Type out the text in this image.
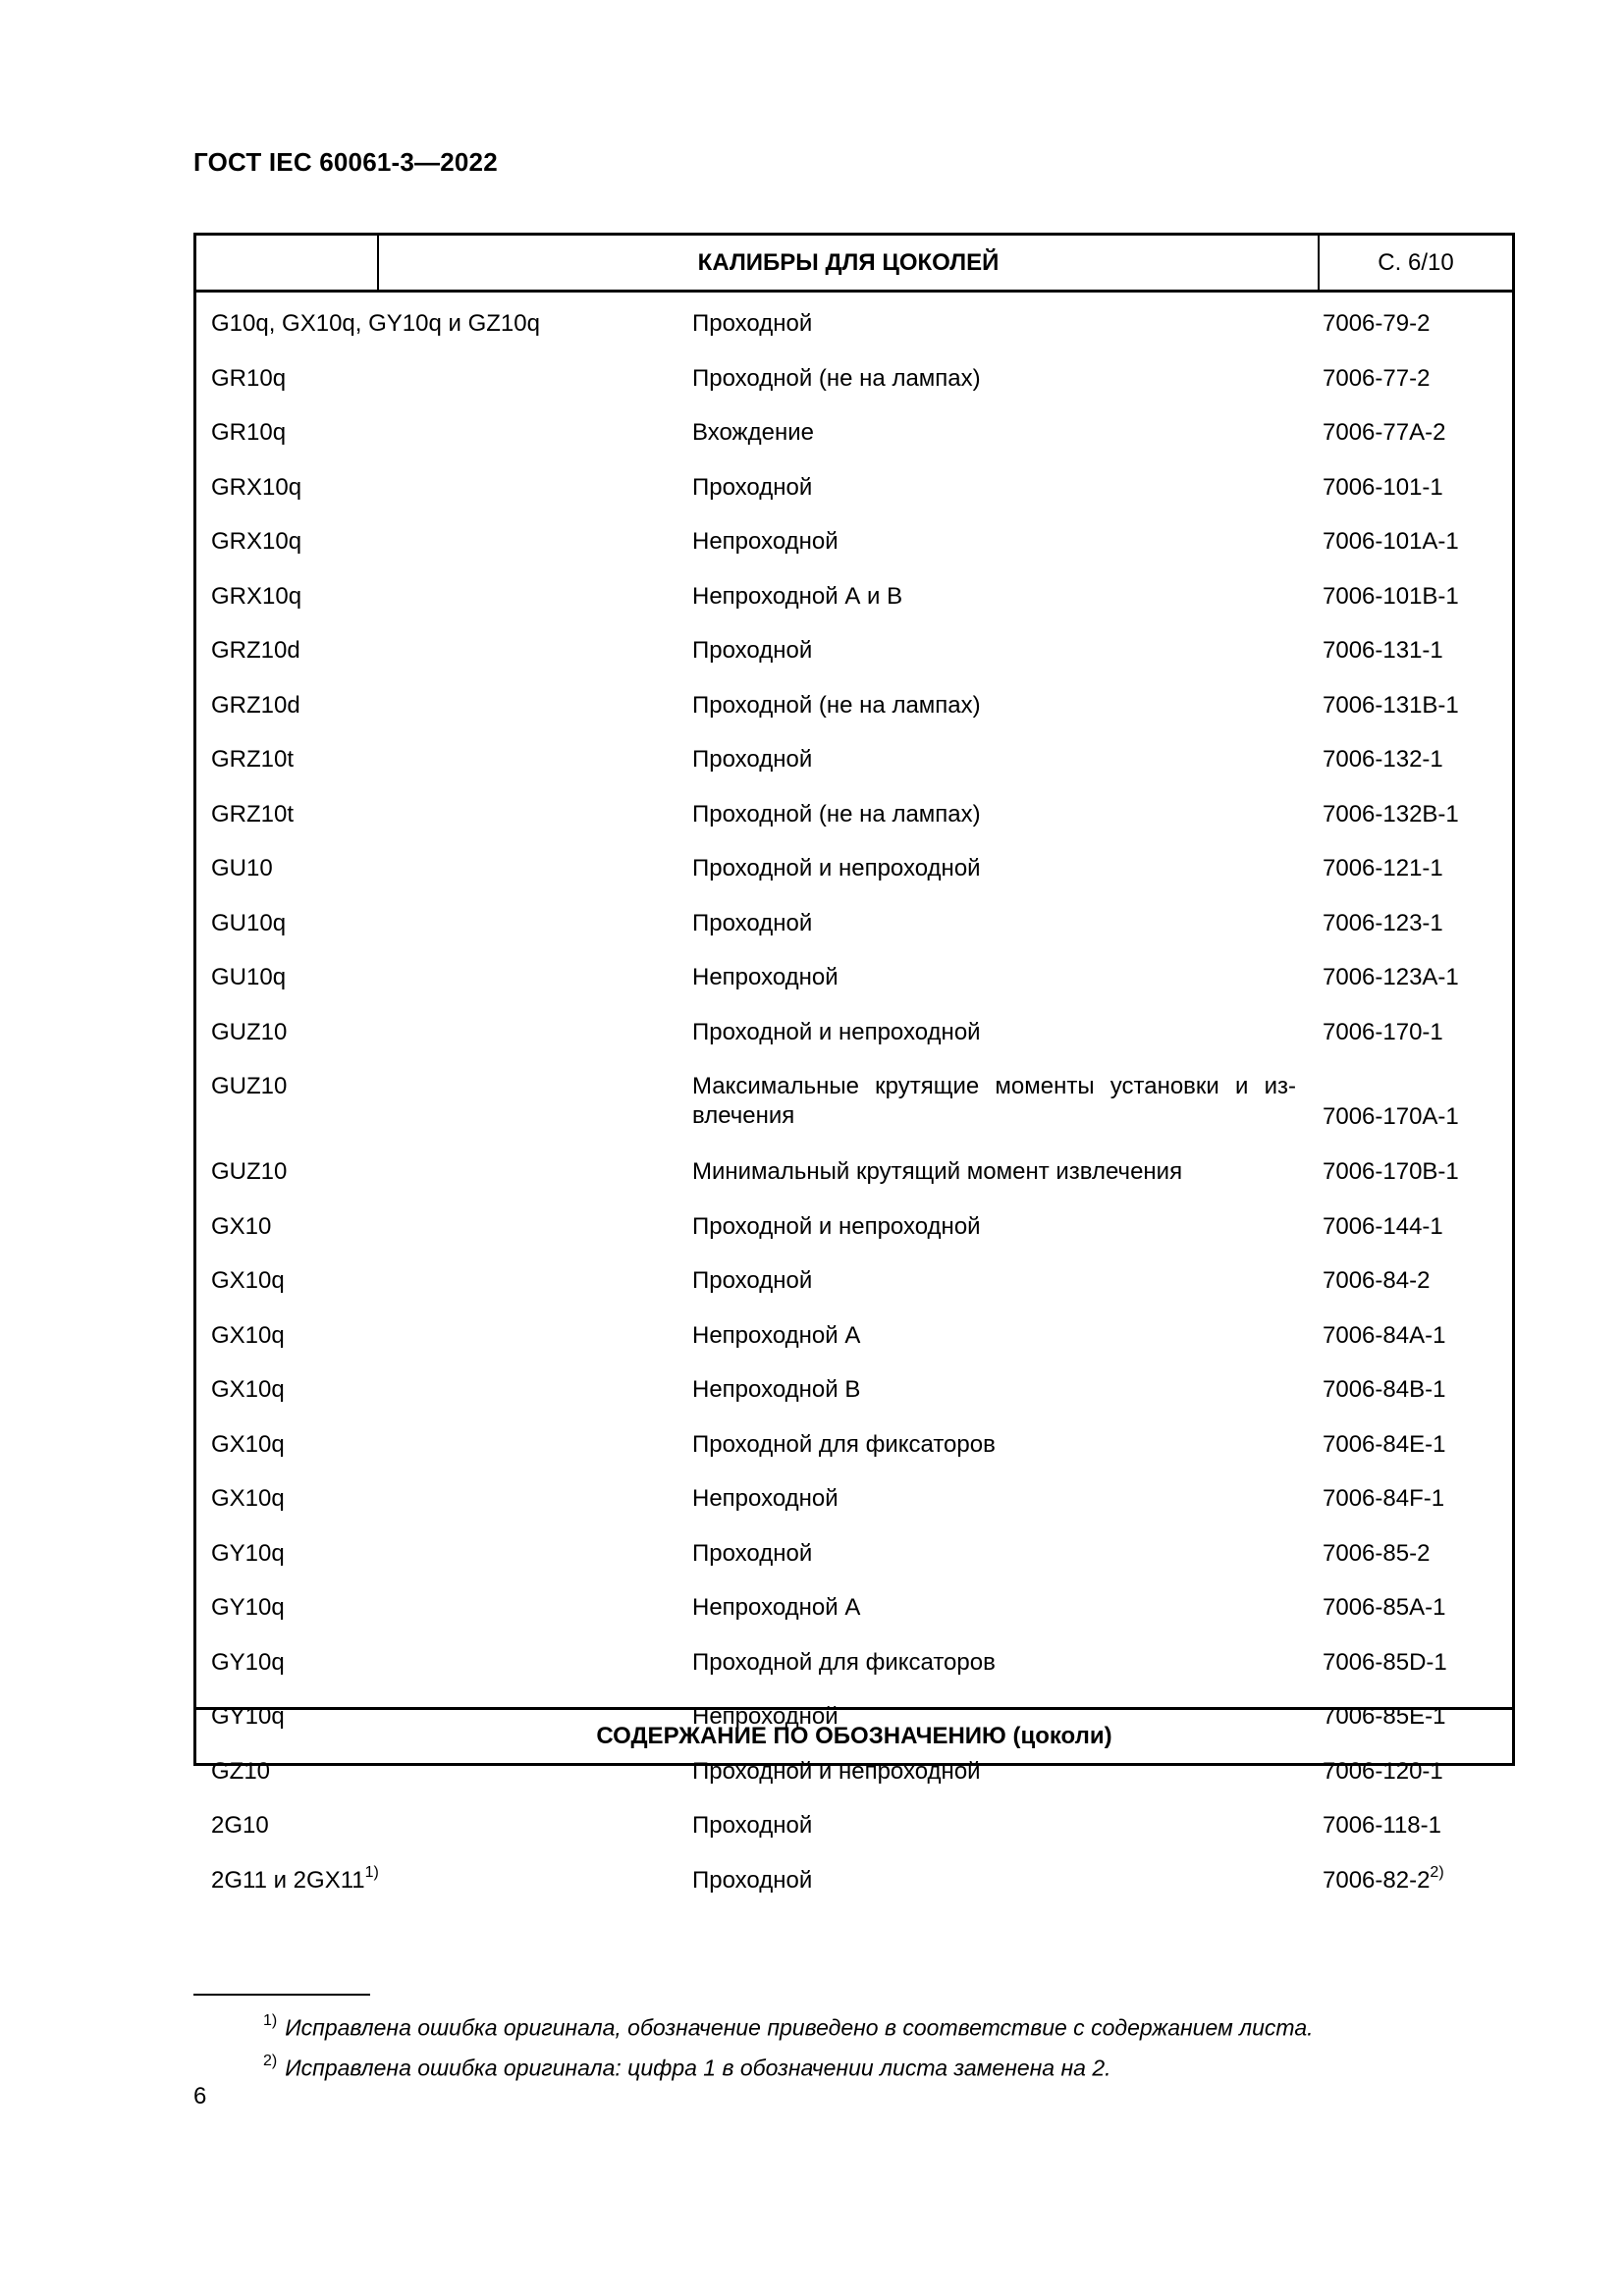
ГОСТ IEC 60061-3—2022
КАЛИБРЫ ДЛЯ ЦОКОЛЕЙ	С. 6/10
G10q, GX10q, GY10q и GZ10q	Проходной	7006-79-2
GR10q	Проходной (не на лампах)	7006-77-2
GR10q	Вхождение	7006-77А-2
GRX10q	Проходной	7006-101-1
GRX10q	Непроходной	7006-101А-1
GRX10q	Непроходной А и В	7006-101В-1
GRZ10d	Проходной	7006-131-1
GRZ10d	Проходной (не на лампах)	7006-131В-1
GRZ10t	Проходной	7006-132-1
GRZ10t	Проходной (не на лампах)	7006-132В-1
GU10	Проходной и непроходной	7006-121-1
GU10q	Проходной	7006-123-1
GU10q	Непроходной	7006-123А-1
GUZ10	Проходной и непроходной	7006-170-1
GUZ10	Максимальные крутящие моменты установки и из-влечения	7006-170А-1
GUZ10	Минимальный крутящий момент извлечения	7006-170В-1
GX10	Проходной и непроходной	7006-144-1
GX10q	Проходной	7006-84-2
GX10q	Непроходной А	7006-84А-1
GX10q	Непроходной В	7006-84В-1
GX10q	Проходной для фиксаторов	7006-84Е-1
GX10q	Непроходной	7006-84F-1
GY10q	Проходной	7006-85-2
GY10q	Непроходной А	7006-85А-1
GY10q	Проходной для фиксаторов	7006-85D-1
GY10q	Непроходной	7006-85Е-1
GZ10	Проходной и непроходной	7006-120-1
2G10	Проходной	7006-118-1
2G11 и 2GX11$^{1)}$	Проходной	7006-82-2$^{2)}$
СОДЕРЖАНИЕ ПО ОБОЗНАЧЕНИЮ (цоколи)
$^{1)}$ Исправлена ошибка оригинала, обозначение приведено в соответствие с содержанием листа.
$^{2)}$ Исправлена ошибка оригинала: цифра 1 в обозначении листа заменена на 2.
6
